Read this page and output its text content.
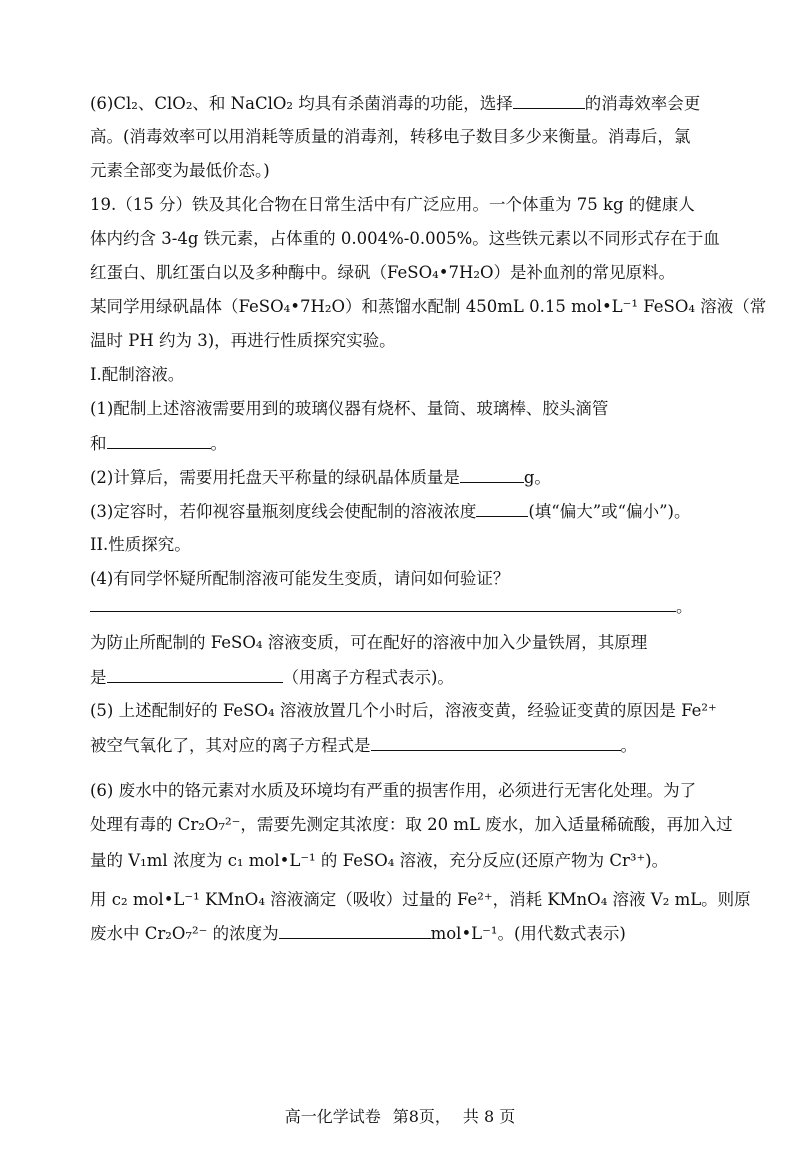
(6)Cl₂、ClO₂、和 NaClO₂ 均具有杀菌消毒的功能，选择	的消毒效率会更
高。(消毒效率可以用消耗等质量的消毒剂，转移电子数目多少来衡量。消毒后，氯
元素全部变为最低价态。)
19.（15 分）铁及其化合物在日常生活中有广泛应用。一个体重为 75 kg 的健康人
体内约含 3-4g 铁元素，占体重的 0.004%-0.005%。这些铁元素以不同形式存在于血
红蛋白、肌红蛋白以及多种酶中。绿矾（FeSO₄•7H₂O）是补血剂的常见原料。
某同学用绿矾晶体（FeSO₄•7H₂O）和蒸馏水配制 450mL 0.15 mol•L⁻¹ FeSO₄ 溶液（常
温时 PH 约为 3)，再进行性质探究实验。
I.配制溶液。
(1)配制上述溶液需要用到的玻璃仪器有烧杯、量筒、玻璃棒、胶头滴管
和	。
(2)计算后，需要用托盘天平称量的绿矾晶体质量是	g。
(3)定容时，若仰视容量瓶刻度线会使配制的溶液浓度	(填“偏大”或“偏小”)。
II.性质探究。
(4)有同学怀疑所配制溶液可能发生变质，请问如何验证？
。
为防止所配制的 FeSO₄ 溶液变质，可在配好的溶液中加入少量铁屑，其原理
是	（用离子方程式表示)。
(5) 上述配制好的 FeSO₄ 溶液放置几个小时后，溶液变黄，经验证变黄的原因是 Fe²⁺
被空气氧化了，其对应的离子方程式是	。
(6) 废水中的铬元素对水质及环境均有严重的损害作用，必须进行无害化处理。为了
处理有毒的 Cr₂O₇²⁻，需要先测定其浓度：取 20 mL 废水，加入适量稀硫酸，再加入过
量的 V₁ml 浓度为 c₁ mol•L⁻¹ 的 FeSO₄ 溶液，充分反应(还原产物为 Cr³⁺)。
用 c₂ mol•L⁻¹ KMnO₄ 溶液滴定（吸收）过量的 Fe²⁺，消耗 KMnO₄ 溶液 V₂ mL。则原
废水中 Cr₂O₇²⁻ 的浓度为	mol•L⁻¹。(用代数式表示)
高一化学试卷 第8页， 共 8 页
